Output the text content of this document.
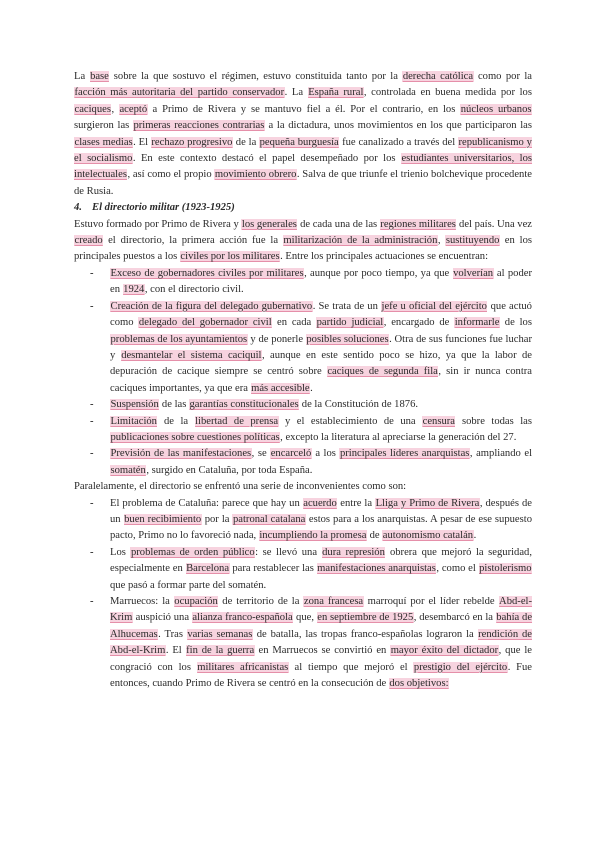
La base sobre la que sostuvo el régimen, estuvo constituida tanto por la derecha católica como por la facción más autoritaria del partido conservador. La España rural, controlada en buena medida por los caciques, aceptó a Primo de Rivera y se mantuvo fiel a él. Por el contrario, en los núcleos urbanos surgieron las primeras reacciones contrarias a la dictadura, unos movimientos en los que participaron las clases medias. El rechazo progresivo de la pequeña burguesía fue canalizado a través del republicanismo y el socialismo. En este contexto destacó el papel desempeñado por los estudiantes universitarios, los intelectuales, así como el propio movimiento obrero. Salva de que triunfe el trienio bolchevique procedente de Rusia.

4. El directorio militar (1923-1925)

Estuvo formado por Primo de Rivera y los generales de cada una de las regiones militares del país. Una vez creado el directorio, la primera acción fue la militarización de la administración, sustituyendo en los principales puestos a los civiles por los militares. Entre los principales actuaciones se encuentran:

- Exceso de gobernadores civiles por militares, aunque por poco tiempo, ya que volverían al poder en 1924, con el directorio civil.
- Creación de la figura del delegado gubernativo. Se trata de un jefe u oficial del ejército que actuó como delegado del gobernador civil en cada partido judicial, encargado de informarle de los problemas de los ayuntamientos y de ponerle posibles soluciones. Otra de sus funciones fue luchar y desmantelar el sistema caciquil, aunque en este sentido poco se hizo, ya que la labor de depuración de cacique siempre se centró sobre caciques de segunda fila, sin ir nunca contra caciques importantes, ya que era más accesible.
- Suspensión de las garantías constitucionales de la Constitución de 1876.
- Limitación de la libertad de prensa y el establecimiento de una censura sobre todas las publicaciones sobre cuestiones políticas, excepto la literatura al apreciarse la generación del 27.
- Previsión de las manifestaciones, se encarceló a los principales líderes anarquistas, ampliando el somatén, surgido en Cataluña, por toda España.

Paralelamente, el directorio se enfrentó una serie de inconvenientes como son:

- El problema de Cataluña: parece que hay un acuerdo entre la Lliga y Primo de Rivera, después de un buen recibimiento por la patronal catalana estos para a los anarquistas. A pesar de ese supuesto pacto, Primo no lo favoreció nada, incumpliendo la promesa de autonomismo catalán.
- Los problemas de orden público: se llevó una dura represión obrera que mejoró la seguridad, especialmente en Barcelona para restablecer las manifestaciones anarquistas, como el pistolerismo que pasó a formar parte del somatén.
- Marruecos: la ocupación de territorio de la zona francesa marroquí por el líder rebelde Abd-el-Krim auspició una alianza franco-española que, en septiembre de 1925, desembarcó en la bahía de Alhucemas. Tras varias semanas de batalla, las tropas franco-españolas lograron la rendición de Abd-el-Krim. El fin de la guerra en Marruecos se convirtió en mayor éxito del dictador, que le congració con los militares africanistas al tiempo que mejoró el prestigio del ejército. Fue entonces, cuando Primo de Rivera se centró en la consecución de dos objetivos:
